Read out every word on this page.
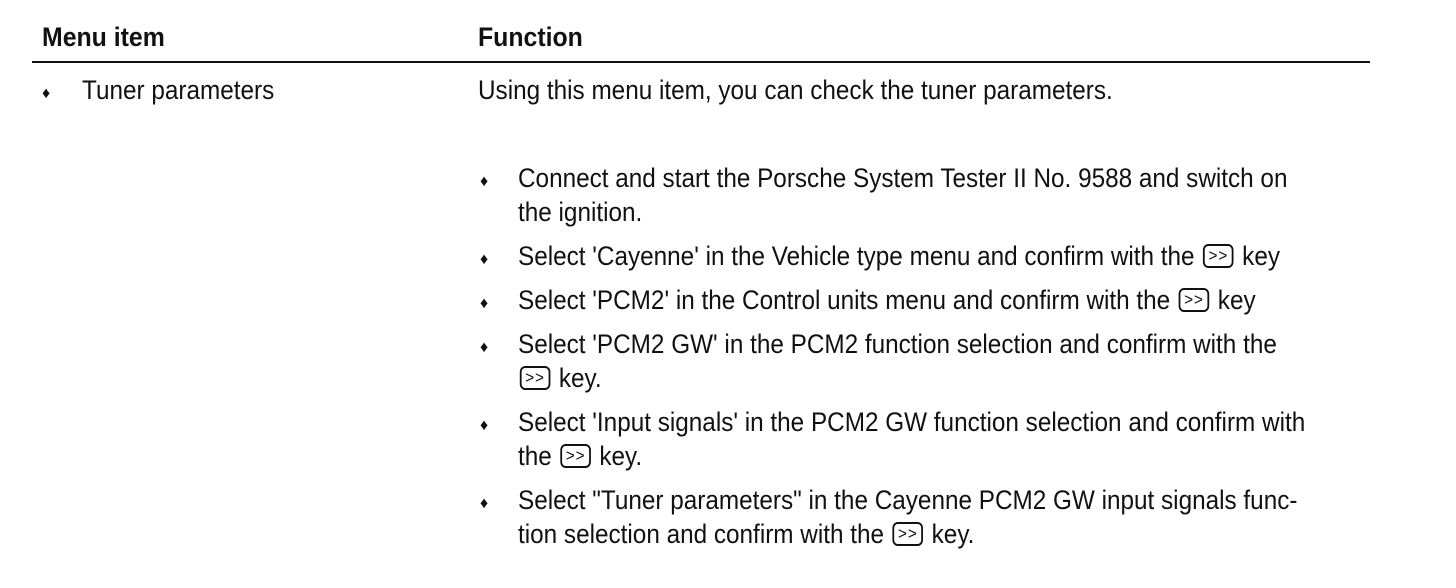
Menu item	Function
♦ Tuner parameters	Using this menu item, you can check the tuner parameters.
♦ Connect and start the Porsche System Tester II No. 9588 and switch on
the ignition.
♦ Select 'Cayenne' in the Vehicle type menu and confirm with the >> key
♦ Select 'PCM2' in the Control units menu and confirm with the >> key
♦ Select 'PCM2 GW' in the PCM2 function selection and confirm with the
>> key.
♦ Select 'Input signals' in the PCM2 GW function selection and confirm with
the >> key.
♦ Select "Tuner parameters" in the Cayenne PCM2 GW input signals func-
tion selection and confirm with the >> key.
